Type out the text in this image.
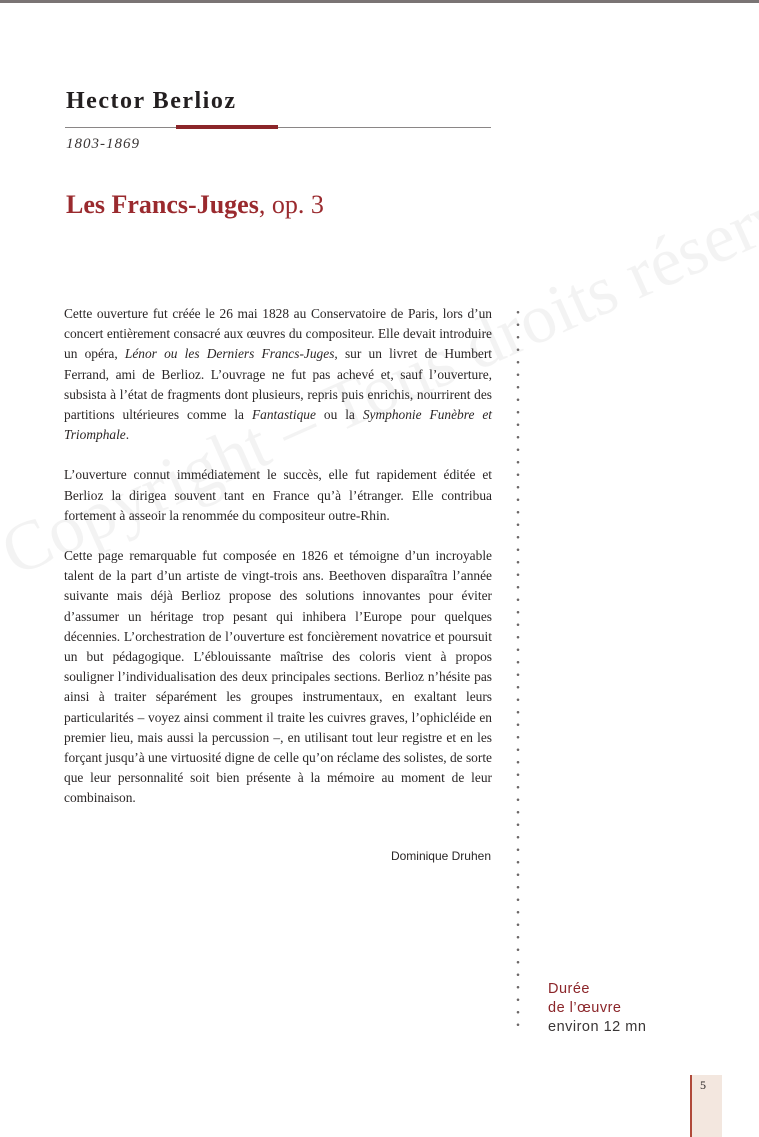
Hector Berlioz
1803-1869
Les Francs-Juges, op. 3

Cette ouverture fut créée le 26 mai 1828 au Conservatoire de Paris, lors d’un concert entièrement consacré aux œuvres du compositeur. Elle devait introduire un opéra, Lénor ou les Derniers Francs-Juges, sur un livret de Humbert Ferrand, ami de Berlioz. L’ouvrage ne fut pas achevé et, sauf l’ouverture, subsista à l’état de fragments dont plusieurs, repris puis enrichis, nourrirent des partitions ultérieures comme la Fantastique ou la Symphonie Funèbre et Triomphale.

L’ouverture connut immédiatement le succès, elle fut rapidement éditée et Berlioz la dirigea souvent tant en France qu’à l’étranger. Elle contribua fortement à asseoir la renommée du compositeur outre-Rhin.

Cette page remarquable fut composée en 1826 et témoigne d’un incroyable talent de la part d’un artiste de vingt-trois ans. Beethoven disparaîtra l’année suivante mais déjà Berlioz propose des solutions innovantes pour éviter d’assumer un héritage trop pesant qui inhibera l’Europe pour quelques décennies. L’orchestration de l’ouverture est foncièrement novatrice et poursuit un but pédagogique. L’éblouissante maîtrise des coloris vient à propos souligner l’individualisation des deux principales sections. Berlioz n’hésite pas ainsi à traiter séparément les groupes instrumentaux, en exaltant leurs particularités – voyez ainsi comment il traite les cuivres graves, l’ophicléide en premier lieu, mais aussi la percussion –, en utilisant tout leur registre et en les forçant jusqu’à une virtuosité digne de celle qu’on réclame des solistes, de sorte que leur personnalité soit bien présente à la mémoire au moment de leur combinaison.

Dominique Druhen
Durée
de l’œuvre
environ 12 mn
5
